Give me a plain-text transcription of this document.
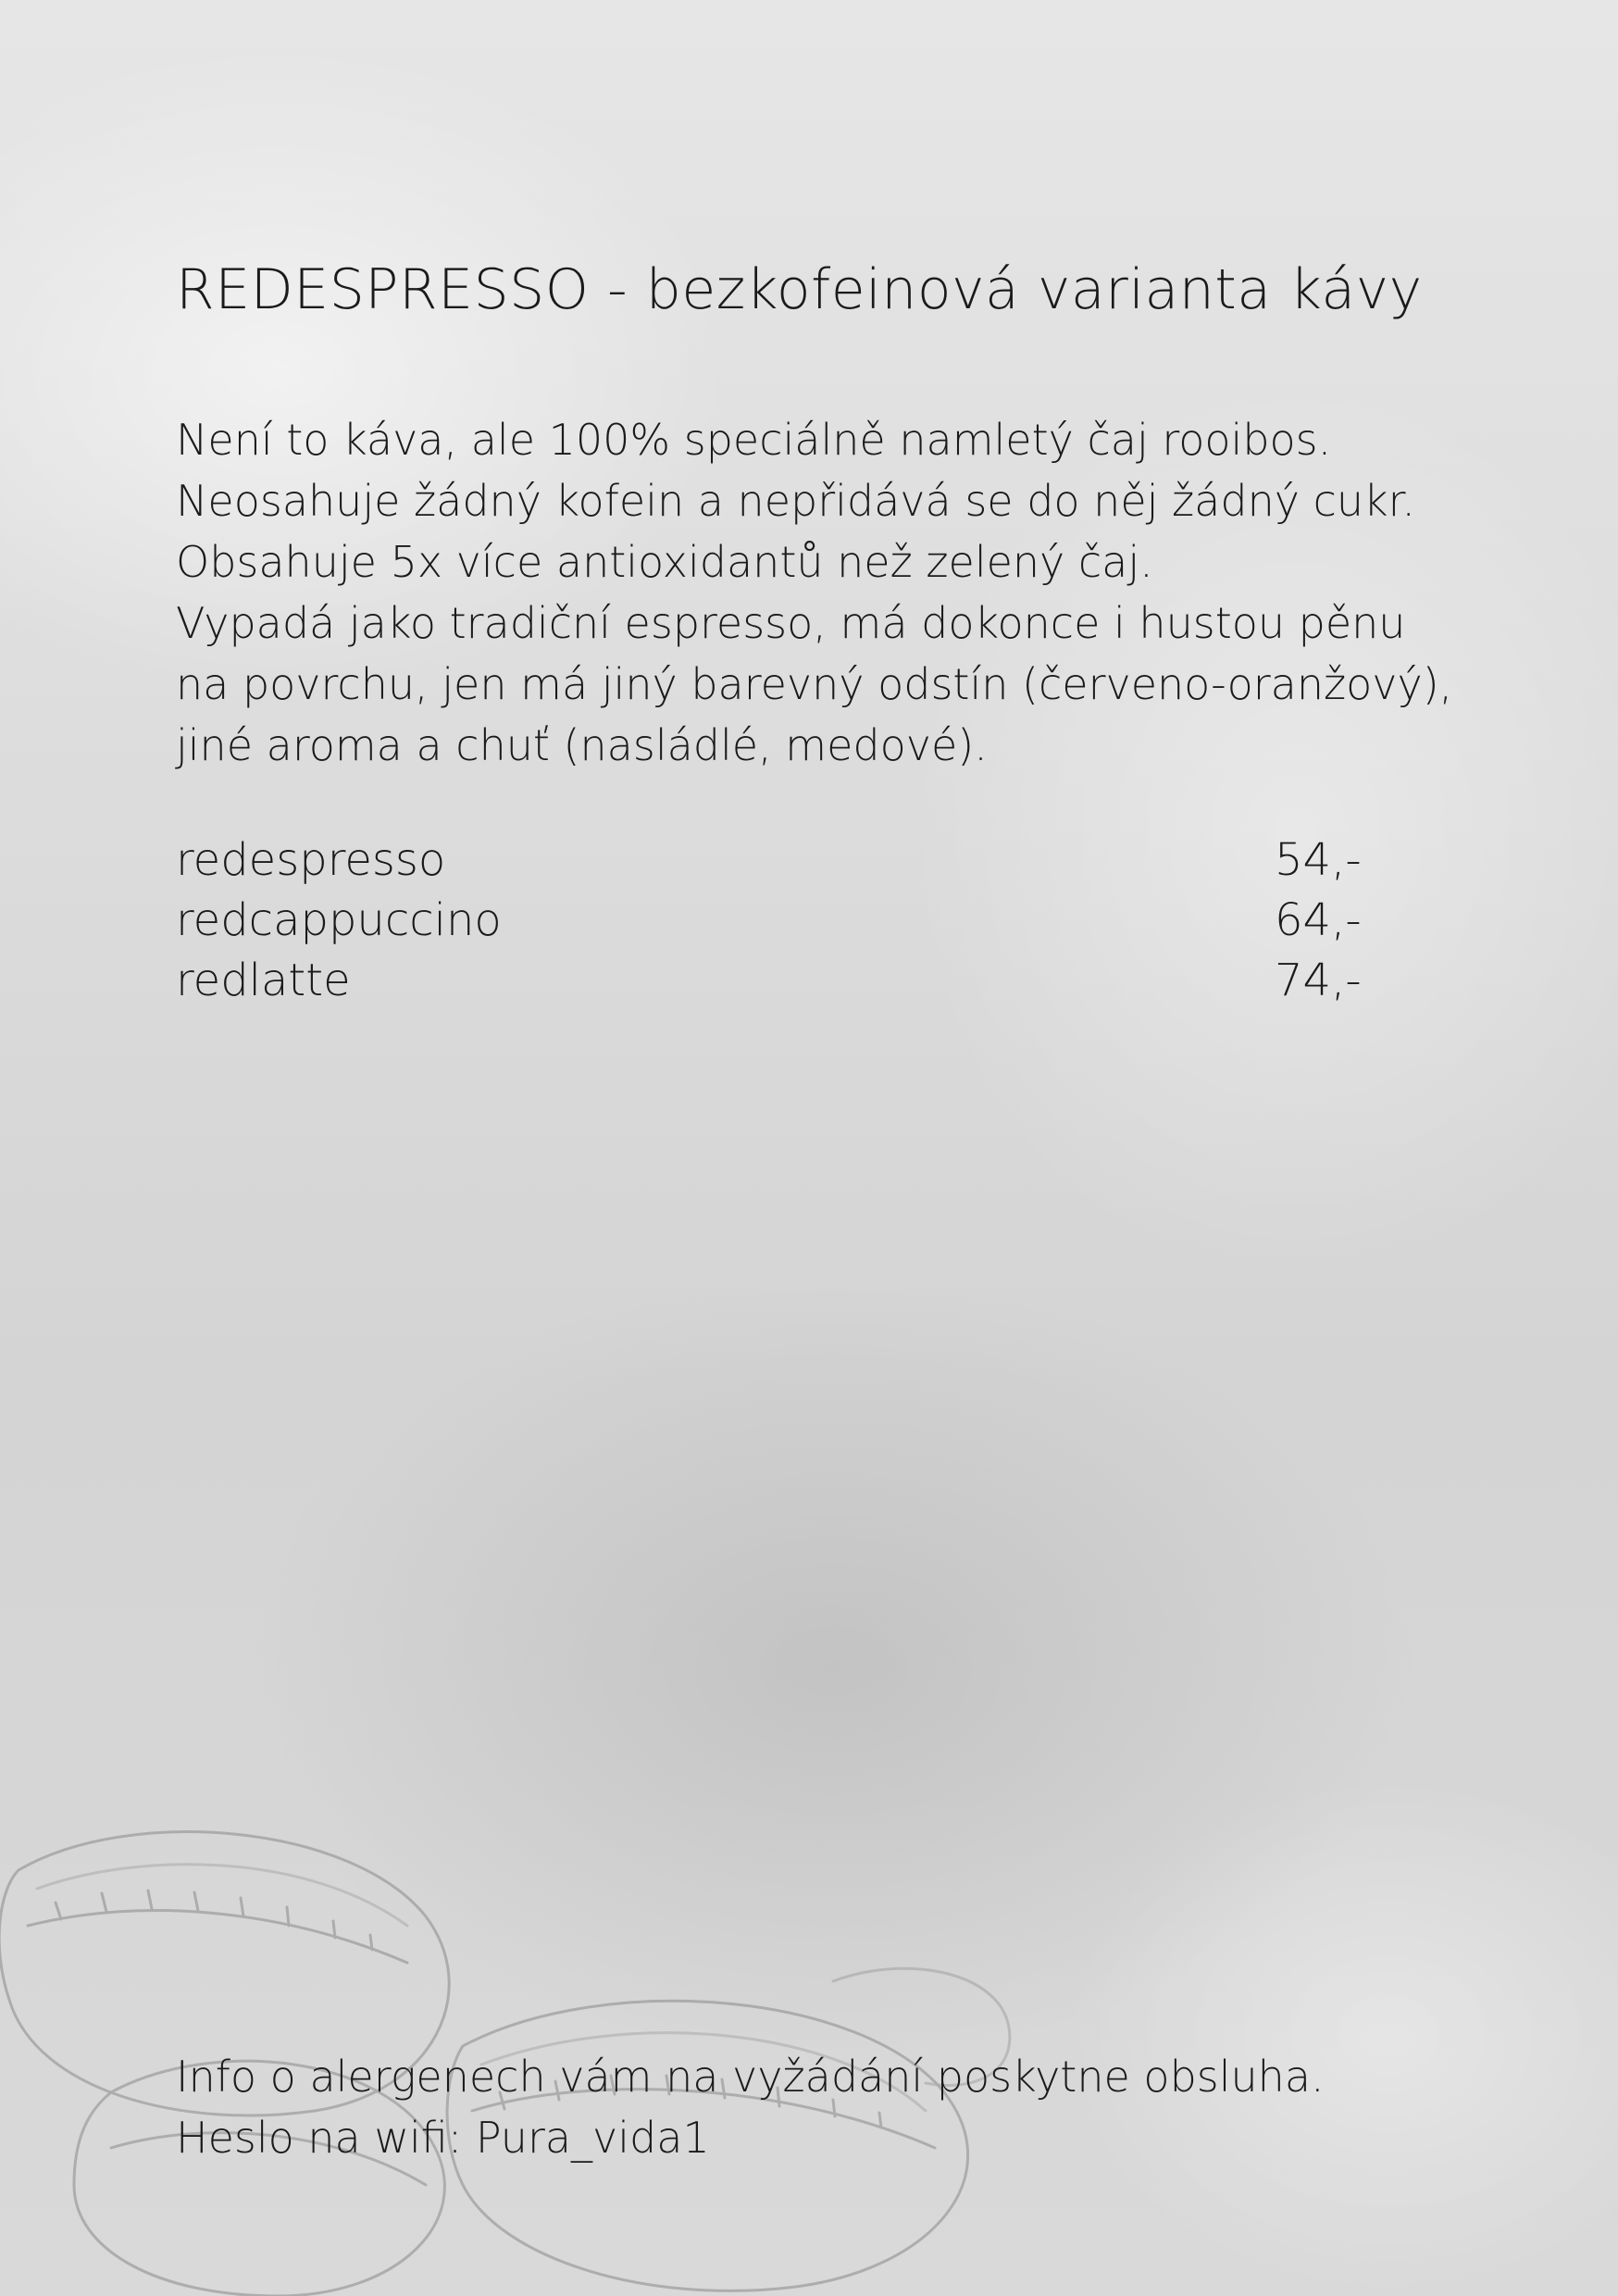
REDESPRESSO - bezkofeinová varianta kávy
Není to káva, ale 100% speciálně namletý čaj rooibos.
Neosahuje žádný kofein a nepřidává se do něj žádný cukr.
Obsahuje 5x více antioxidantů než zelený čaj.
Vypadá jako tradiční espresso, má dokonce i hustou pěnu
na povrchu, jen má jiný barevný odstín (červeno-oranžový),
jiné aroma a chuť (nasládlé, medové).
redespresso	54,-
redcappuccino	64,-
redlatte	74,-
Info o alergenech vám na vyžádání poskytne obsluha.
Heslo na wifi: Pura_vida1
